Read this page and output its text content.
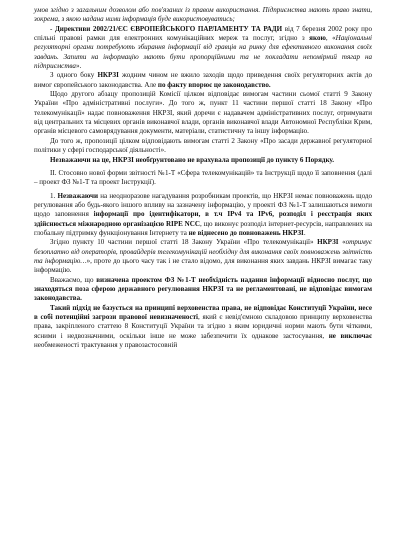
умов згідно з загальним дозволом або пов'язаних із правом використання. Підприємства мають право знати, зокрема, з якою надана ними інформація буде використовуватись;

- Директиви 2002/21/ЄС ЄВРОПЕЙСЬКОГО ПАРЛАМЕНТУ ТА РАДИ від 7 березня 2002 року про спільні правові рамки для електронних комунікаційних мереж та послуг, згідно з якою, «Національні регуляторні органи потребують збирання інформації від гравців на ринку для ефективного виконання своїх завдань. Запити на інформацію мають бути пропорційними та не покладати непомірний тягар на підприємства».

З одного боку НКРЗІ жодним чином не вжило заходів щодо приведення своїх регуляторних актів до вимог європейського законодавства. Але по факту впорює це законодавство.

Щодо другого абзацу пропозицій Комісії цілком відповідає вимогам частини сьомої статті 9 Закону України «Про адміністративні послуги». До того ж, пункт 11 частини першої статті 18 Закону «Про телекомунікації» надає повноваження НКРЗІ, який доречи є надавачем адміністративних послуг, отримувати від центральних та місцевих органів виконавчої влади, органів виконавчої влади Автономної Республіки Крим, органів місцевого самоврядування документи, матеріали, статистичну та іншу інформацію.

До того ж, пропозиції цілком відповідають вимогам статті 2 Закону «Про засади державної регуляторної політики у сфері господарської діяльності».

Незважаючи на це, НКРЗІ необґрунтовано не врахувала пропозиції до пункту 6 Порядку.

ІІ. Стосовно нової форми звітності №1-Т «Сфера телекомунікацій» та Інструкції щодо її заповнення (далі – проект ФЗ №1-Т та проект Інструкції).

1. Незважаючи на неодноразове нагадування розробникам проектів, що НКРЗІ немає повноважень щодо регулювання або будь-якого іншого впливу на зазначену інформацію, у проекті ФЗ №1-Т залишаються вимоги щодо заповнення інформації про ідентифікатори, в т.ч IPv4 та IPv6, розподіл і реєстрація яких здійснюється міжнародною організацією RIPE NCC, що виконує розподіл інтернет-ресурсів, направлених на глобальну підтримку функціонування Інтернету та не віднесено до повноважень НКРЗІ.

Згідно пункту 10 частини першої статті 18 Закону України «Про телекомунікації» НКРЗІ «отримує безоплатно від операторів, провайдерів телекомунікацій необхідну для виконання своїх повноважень звітність та інформацію…», проте до цього часу так і не стало відомо, для виконання яких завдань НКРЗІ вимагає таку інформацію.

Вважаємо, що визначена проектом ФЗ №1-Т необхідність надання інформації відносно послуг, що знаходяться поза сферою державного регулювання НКРЗІ та не регламентовані, не відповідає вимогам законодавства.

Такий підхід не базується на принципі верховенства права, не відповідає Конституції України, несе в собі потенційні загрози правової невизначеності, який є невід'ємною складовою принципу верховенства права, закріпленого статтею 8 Конституції України та згідно з яким юридичні норми мають бути чіткими, ясними і недвозначними, оскільки інше не може забезпечити їх однакове застосування, не виключає необмеженості трактування у правозастосовній
